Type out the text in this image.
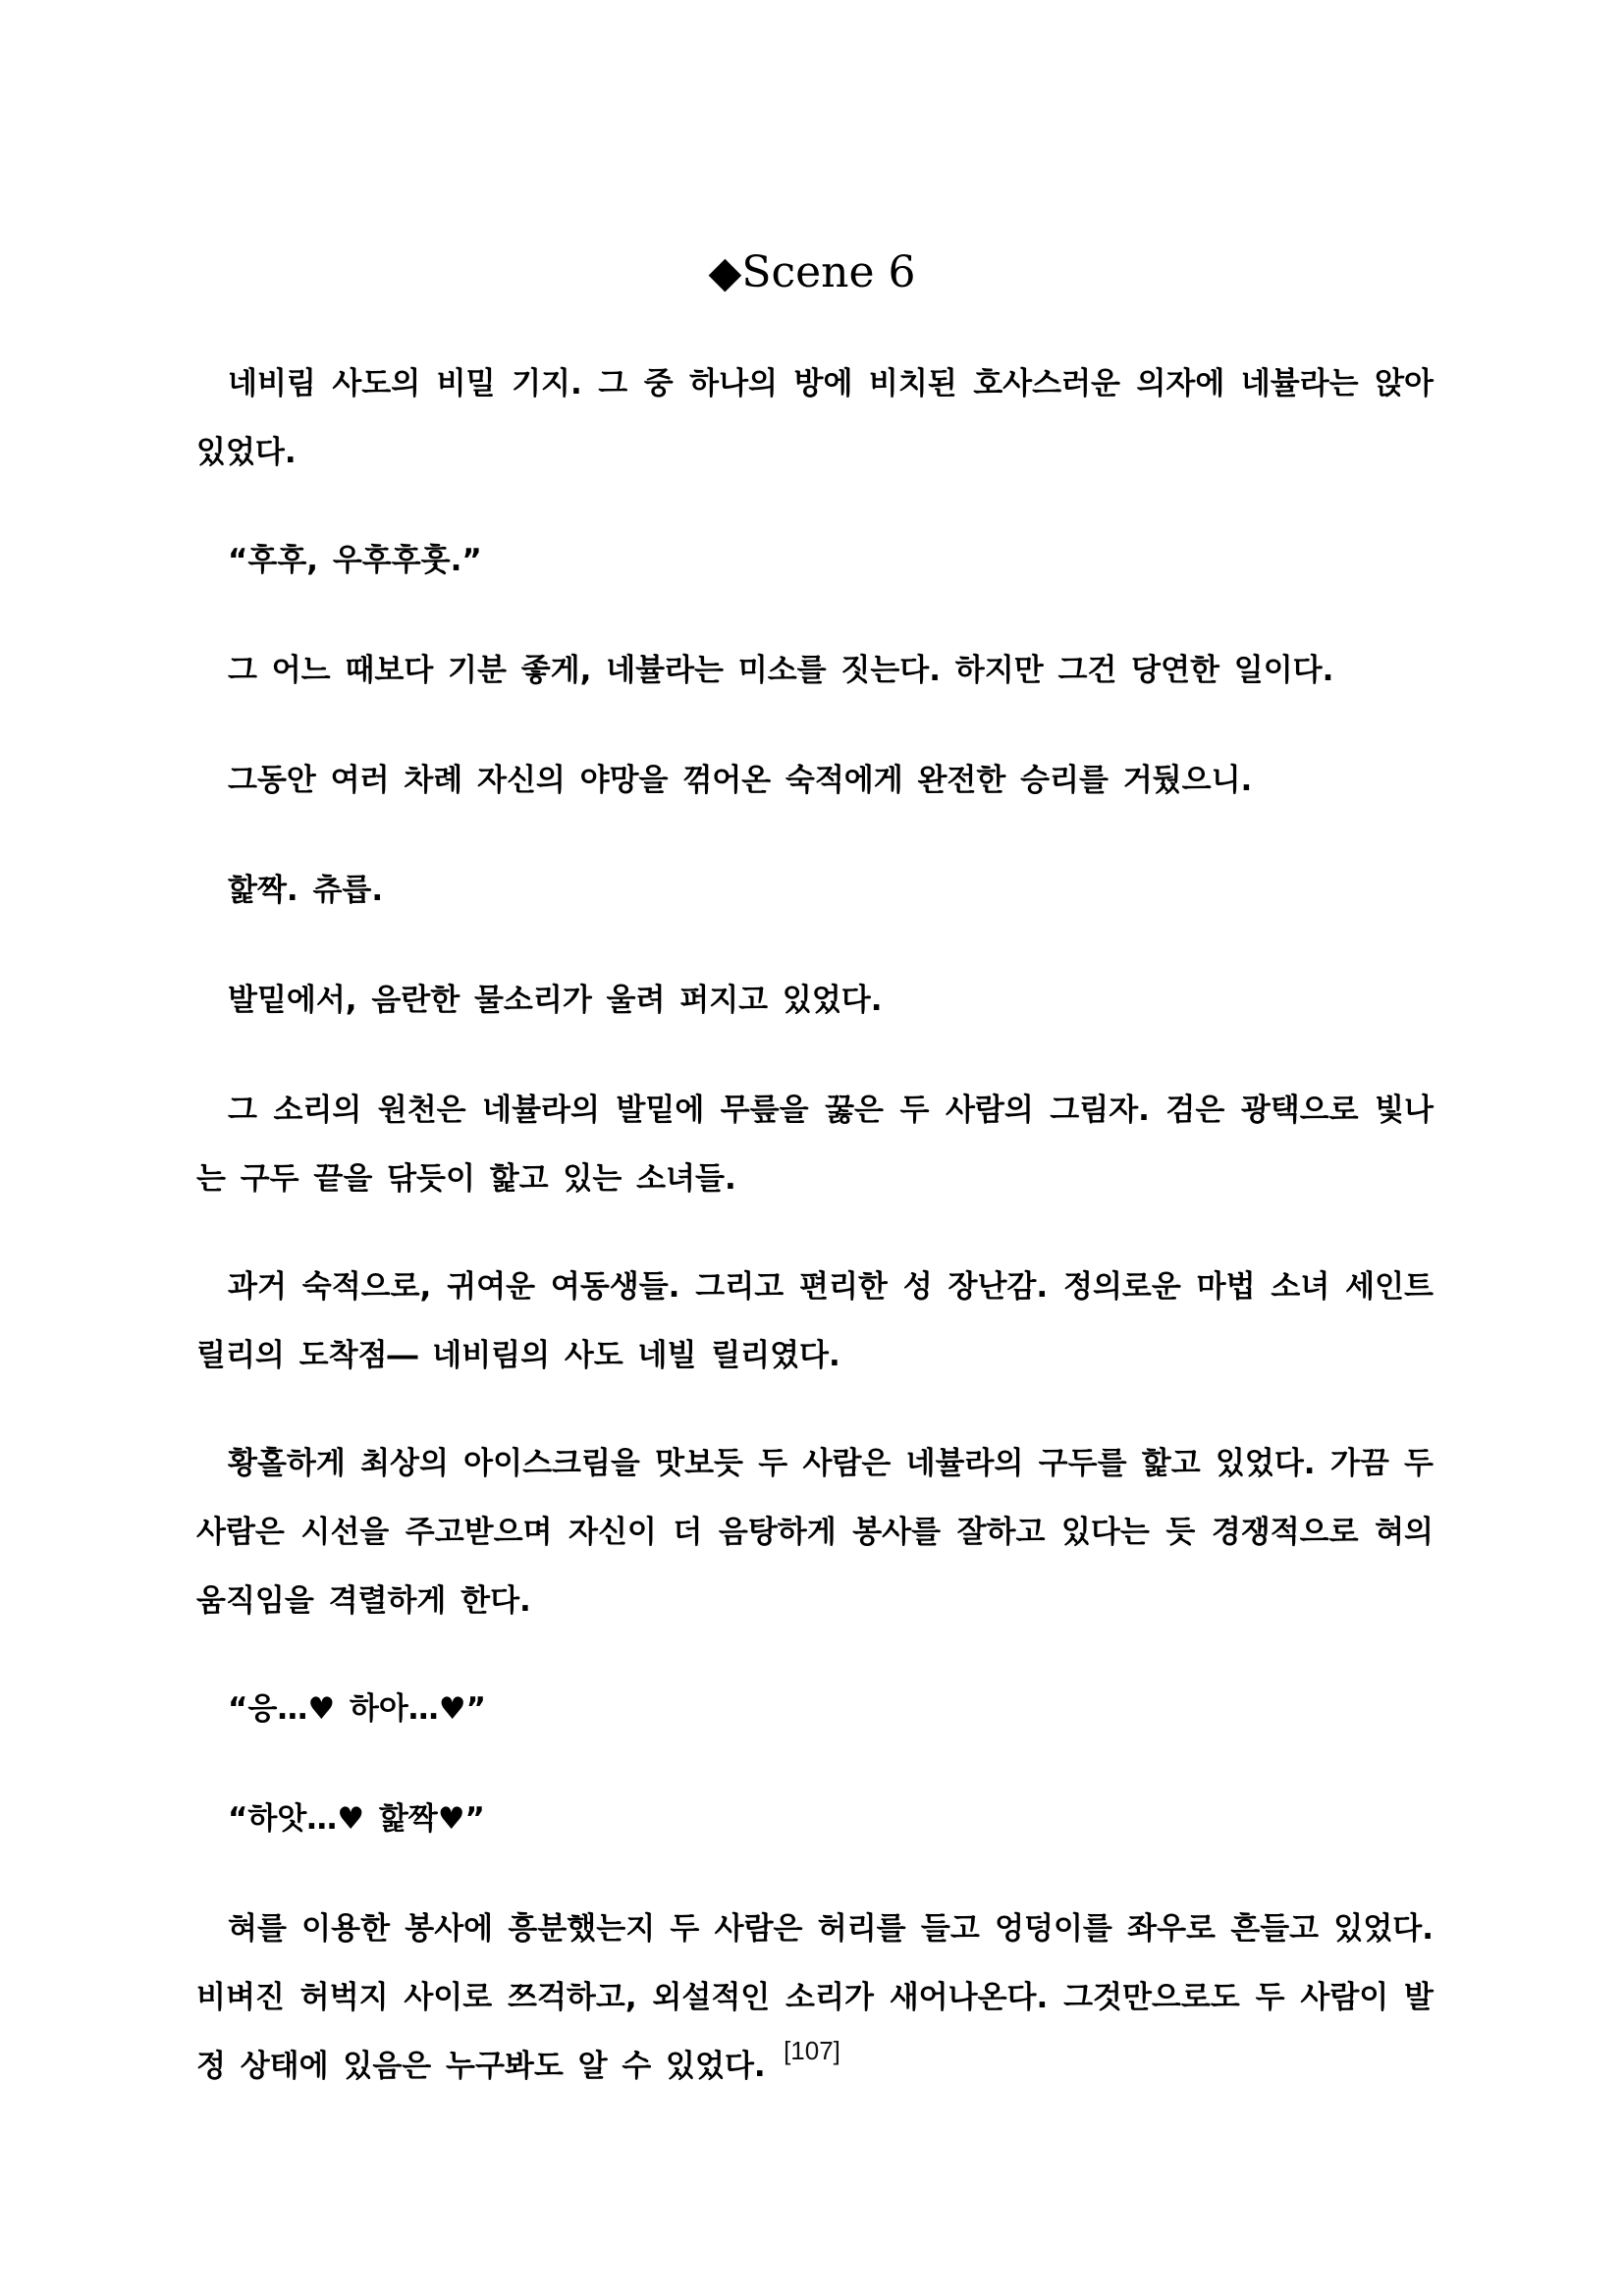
◆Scene 6

네비림 사도의 비밀 기지. 그 중 하나의 방에 비치된 호사스러운 의자에 네뷸라는 앉아 있었다.

“후후, 우후후훗.”

그 어느 때보다 기분 좋게, 네뷸라는 미소를 짓는다. 하지만 그건 당연한 일이다.

그동안 여러 차례 자신의 야망을 꺾어온 숙적에게 완전한 승리를 거뒀으니.

핥짝. 츄릅.

발밑에서, 음란한 물소리가 울려 퍼지고 있었다.

그 소리의 원천은 네뷸라의 발밑에 무릎을 꿇은 두 사람의 그림자. 검은 광택으로 빛나는 구두 끝을 닦듯이 핥고 있는 소녀들.

과거 숙적으로, 귀여운 여동생들. 그리고 편리한 성 장난감. 정의로운 마법 소녀 세인트 릴리의 도착점― 네비림의 사도 네빌 릴리였다.

황홀하게 최상의 아이스크림을 맛보듯 두 사람은 네뷸라의 구두를 핥고 있었다. 가끔 두 사람은 시선을 주고받으며 자신이 더 음탕하게 봉사를 잘하고 있다는 듯 경쟁적으로 혀의 움직임을 격렬하게 한다.

“응…♥ 하아…♥”

“하앗…♥ 핥짝♥”

혀를 이용한 봉사에 흥분했는지 두 사람은 허리를 들고 엉덩이를 좌우로 흔들고 있었다. 비벼진 허벅지 사이로 쯔걱하고, 외설적인 소리가 새어나온다. 그것만으로도 두 사람이 발정 상태에 있음은 누구봐도 알 수 있었다. [107]
